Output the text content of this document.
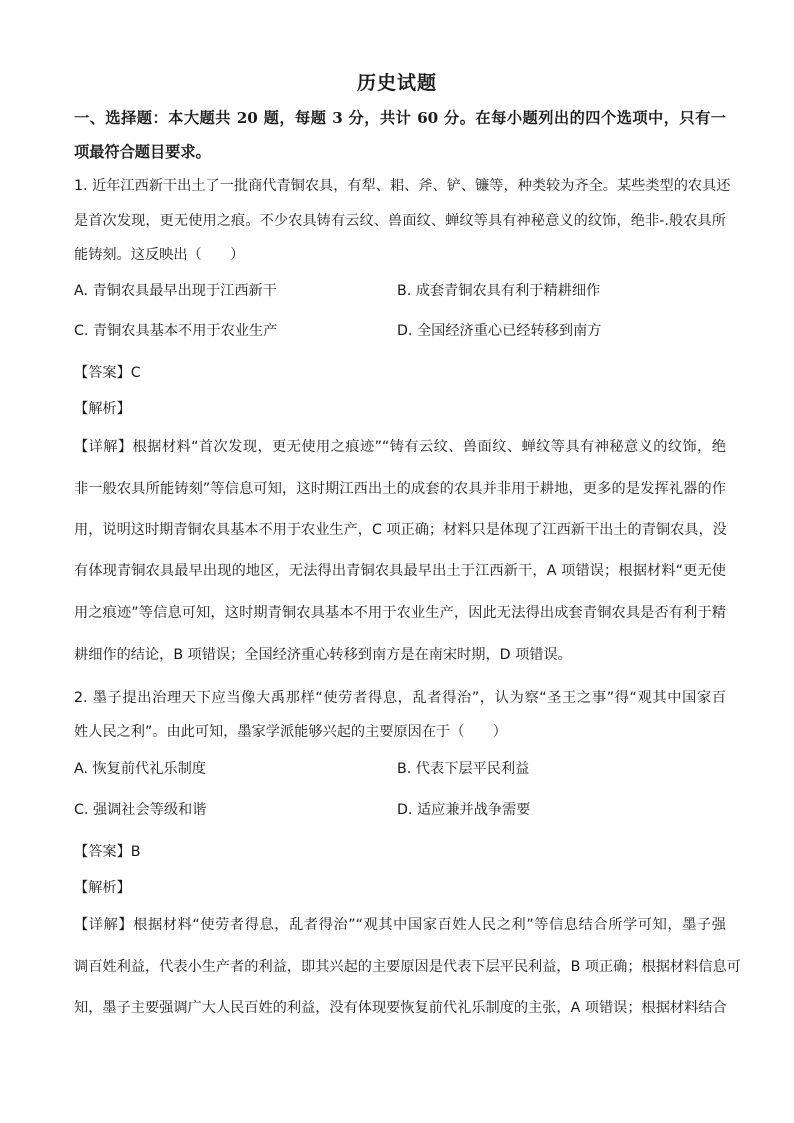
历史试题
一、选择题：本大题共 20 题，每题 3 分，共计 60 分。在每小题列出的四个选项中，只有一
项最符合题目要求。
1. 近年江西新干出土了一批商代青铜农具，有犁、耜、斧、铲、镰等，种类较为齐全。某些类型的农具还
是首次发现，更无使用之痕。不少农具铸有云纹、兽面纹、蝉纹等具有神秘意义的纹饰，绝非-.般农具所
能铸刻。这反映出（　　）
A. 青铜农具最早出现于江西新干	B. 成套青铜农具有利于精耕细作
C. 青铜农具基本不用于农业生产	D. 全国经济重心已经转移到南方
【答案】C
【解析】
【详解】根据材料“首次发现，更无使用之痕迹”“铸有云纹、兽面纹、蝉纹等具有神秘意义的纹饰，绝
非一般农具所能铸刻”等信息可知，这时期江西出土的成套的农具并非用于耕地，更多的是发挥礼器的作
用，说明这时期青铜农具基本不用于农业生产，C 项正确；材料只是体现了江西新干出土的青铜农具，没
有体现青铜农具最早出现的地区，无法得出青铜农具最早出土于江西新干，A 项错误；根据材料“更无使
用之痕迹”等信息可知，这时期青铜农具基本不用于农业生产，因此无法得出成套青铜农具是否有利于精
耕细作的结论，B 项错误；全国经济重心转移到南方是在南宋时期，D 项错误。
2. 墨子提出治理天下应当像大禹那样“使劳者得息，乱者得治”，认为察“圣王之事”得“观其中国家百
姓人民之利”。由此可知，墨家学派能够兴起的主要原因在于（　　）
A. 恢复前代礼乐制度	B. 代表下层平民利益
C. 强调社会等级和谐	D. 适应兼并战争需要
【答案】B
【解析】
【详解】根据材料“使劳者得息，乱者得治”“观其中国家百姓人民之利”等信息结合所学可知，墨子强
调百姓利益，代表小生产者的利益，即其兴起的主要原因是代表下层平民利益，B 项正确；根据材料信息可
知，墨子主要强调广大人民百姓的利益，没有体现要恢复前代礼乐制度的主张，A 项错误；根据材料结合
